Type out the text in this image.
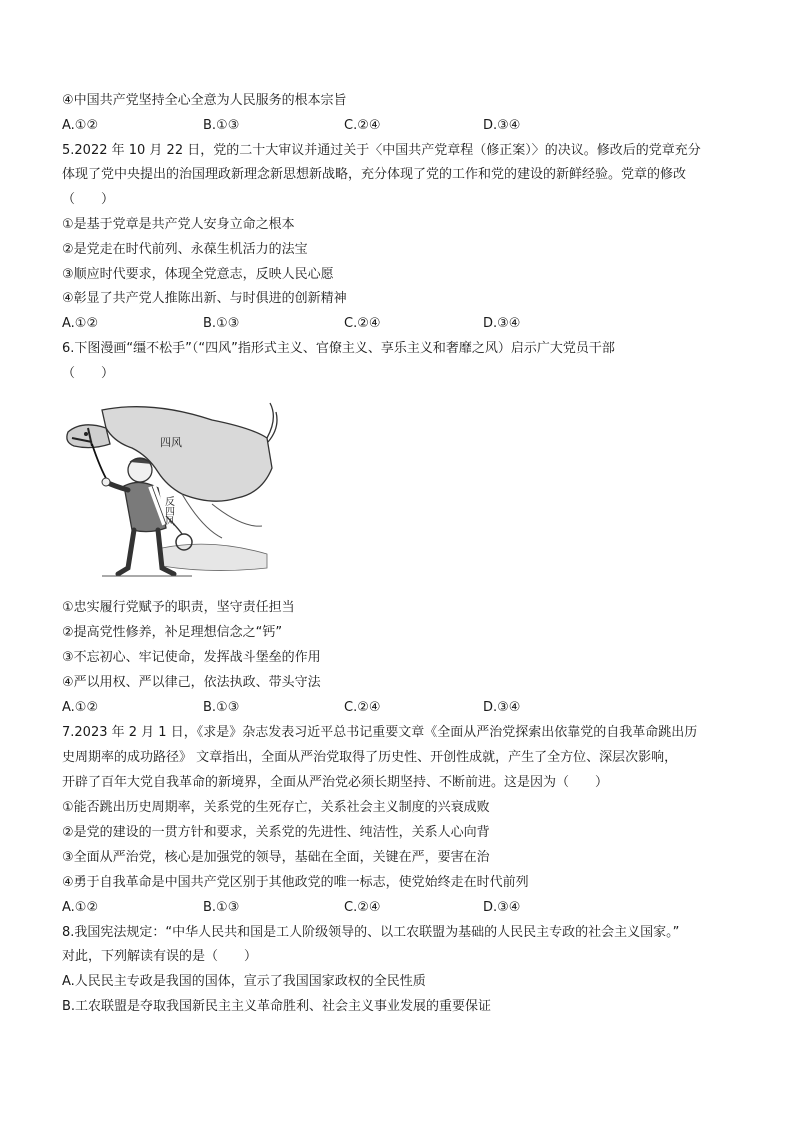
④中国共产党坚持全心全意为人民服务的根本宗旨
A.①②	B.①③	C.②④	D.③④
5.2022 年 10 月 22 日，党的二十大审议并通过关于〈中国共产党章程（修正案）〉的决议。修改后的党章充分
体现了党中央提出的治国理政新理念新思想新战略，充分体现了党的工作和党的建设的新鲜经验。党章的修改
（　　）
①是基于党章是共产党人安身立命之根本
②是党走在时代前列、永葆生机活力的法宝
③顺应时代要求，体现全党意志，反映人民心愿
④彰显了共产党人推陈出新、与时俱进的创新精神
A.①②	B.①③	C.②④	D.③④
6.下图漫画“缰不松手”（“四风”指形式主义、官僚主义、享乐主义和奢靡之风）启示广大党员干部
（　　）
四风
反四风
①忠实履行党赋予的职责，坚守责任担当
②提高党性修养，补足理想信念之“钙”
③不忘初心、牢记使命，发挥战斗堡垒的作用
④严以用权、严以律己，依法执政、带头守法
A.①②	B.①③	C.②④	D.③④
7.2023 年 2 月 1 日，《求是》杂志发表习近平总书记重要文章《全面从严治党探索出依靠党的自我革命跳出历
史周期率的成功路径》 文章指出，全面从严治党取得了历史性、开创性成就，产生了全方位、深层次影响，
开辟了百年大党自我革命的新境界，全面从严治党必须长期坚持、不断前进。这是因为（　　）
①能否跳出历史周期率，关系党的生死存亡，关系社会主义制度的兴衰成败
②是党的建设的一贯方针和要求，关系党的先进性、纯洁性，关系人心向背
③全面从严治党，核心是加强党的领导，基础在全面，关键在严，要害在治
④勇于自我革命是中国共产党区别于其他政党的唯一标志，使党始终走在时代前列
A.①②	B.①③	C.②④	D.③④
8.我国宪法规定：“中华人民共和国是工人阶级领导的、以工农联盟为基础的人民民主专政的社会主义国家。”
对此，下列解读有误的是（　　）
A.人民民主专政是我国的国体，宣示了我国国家政权的全民性质
B.工农联盟是夺取我国新民主主义革命胜利、社会主义事业发展的重要保证
